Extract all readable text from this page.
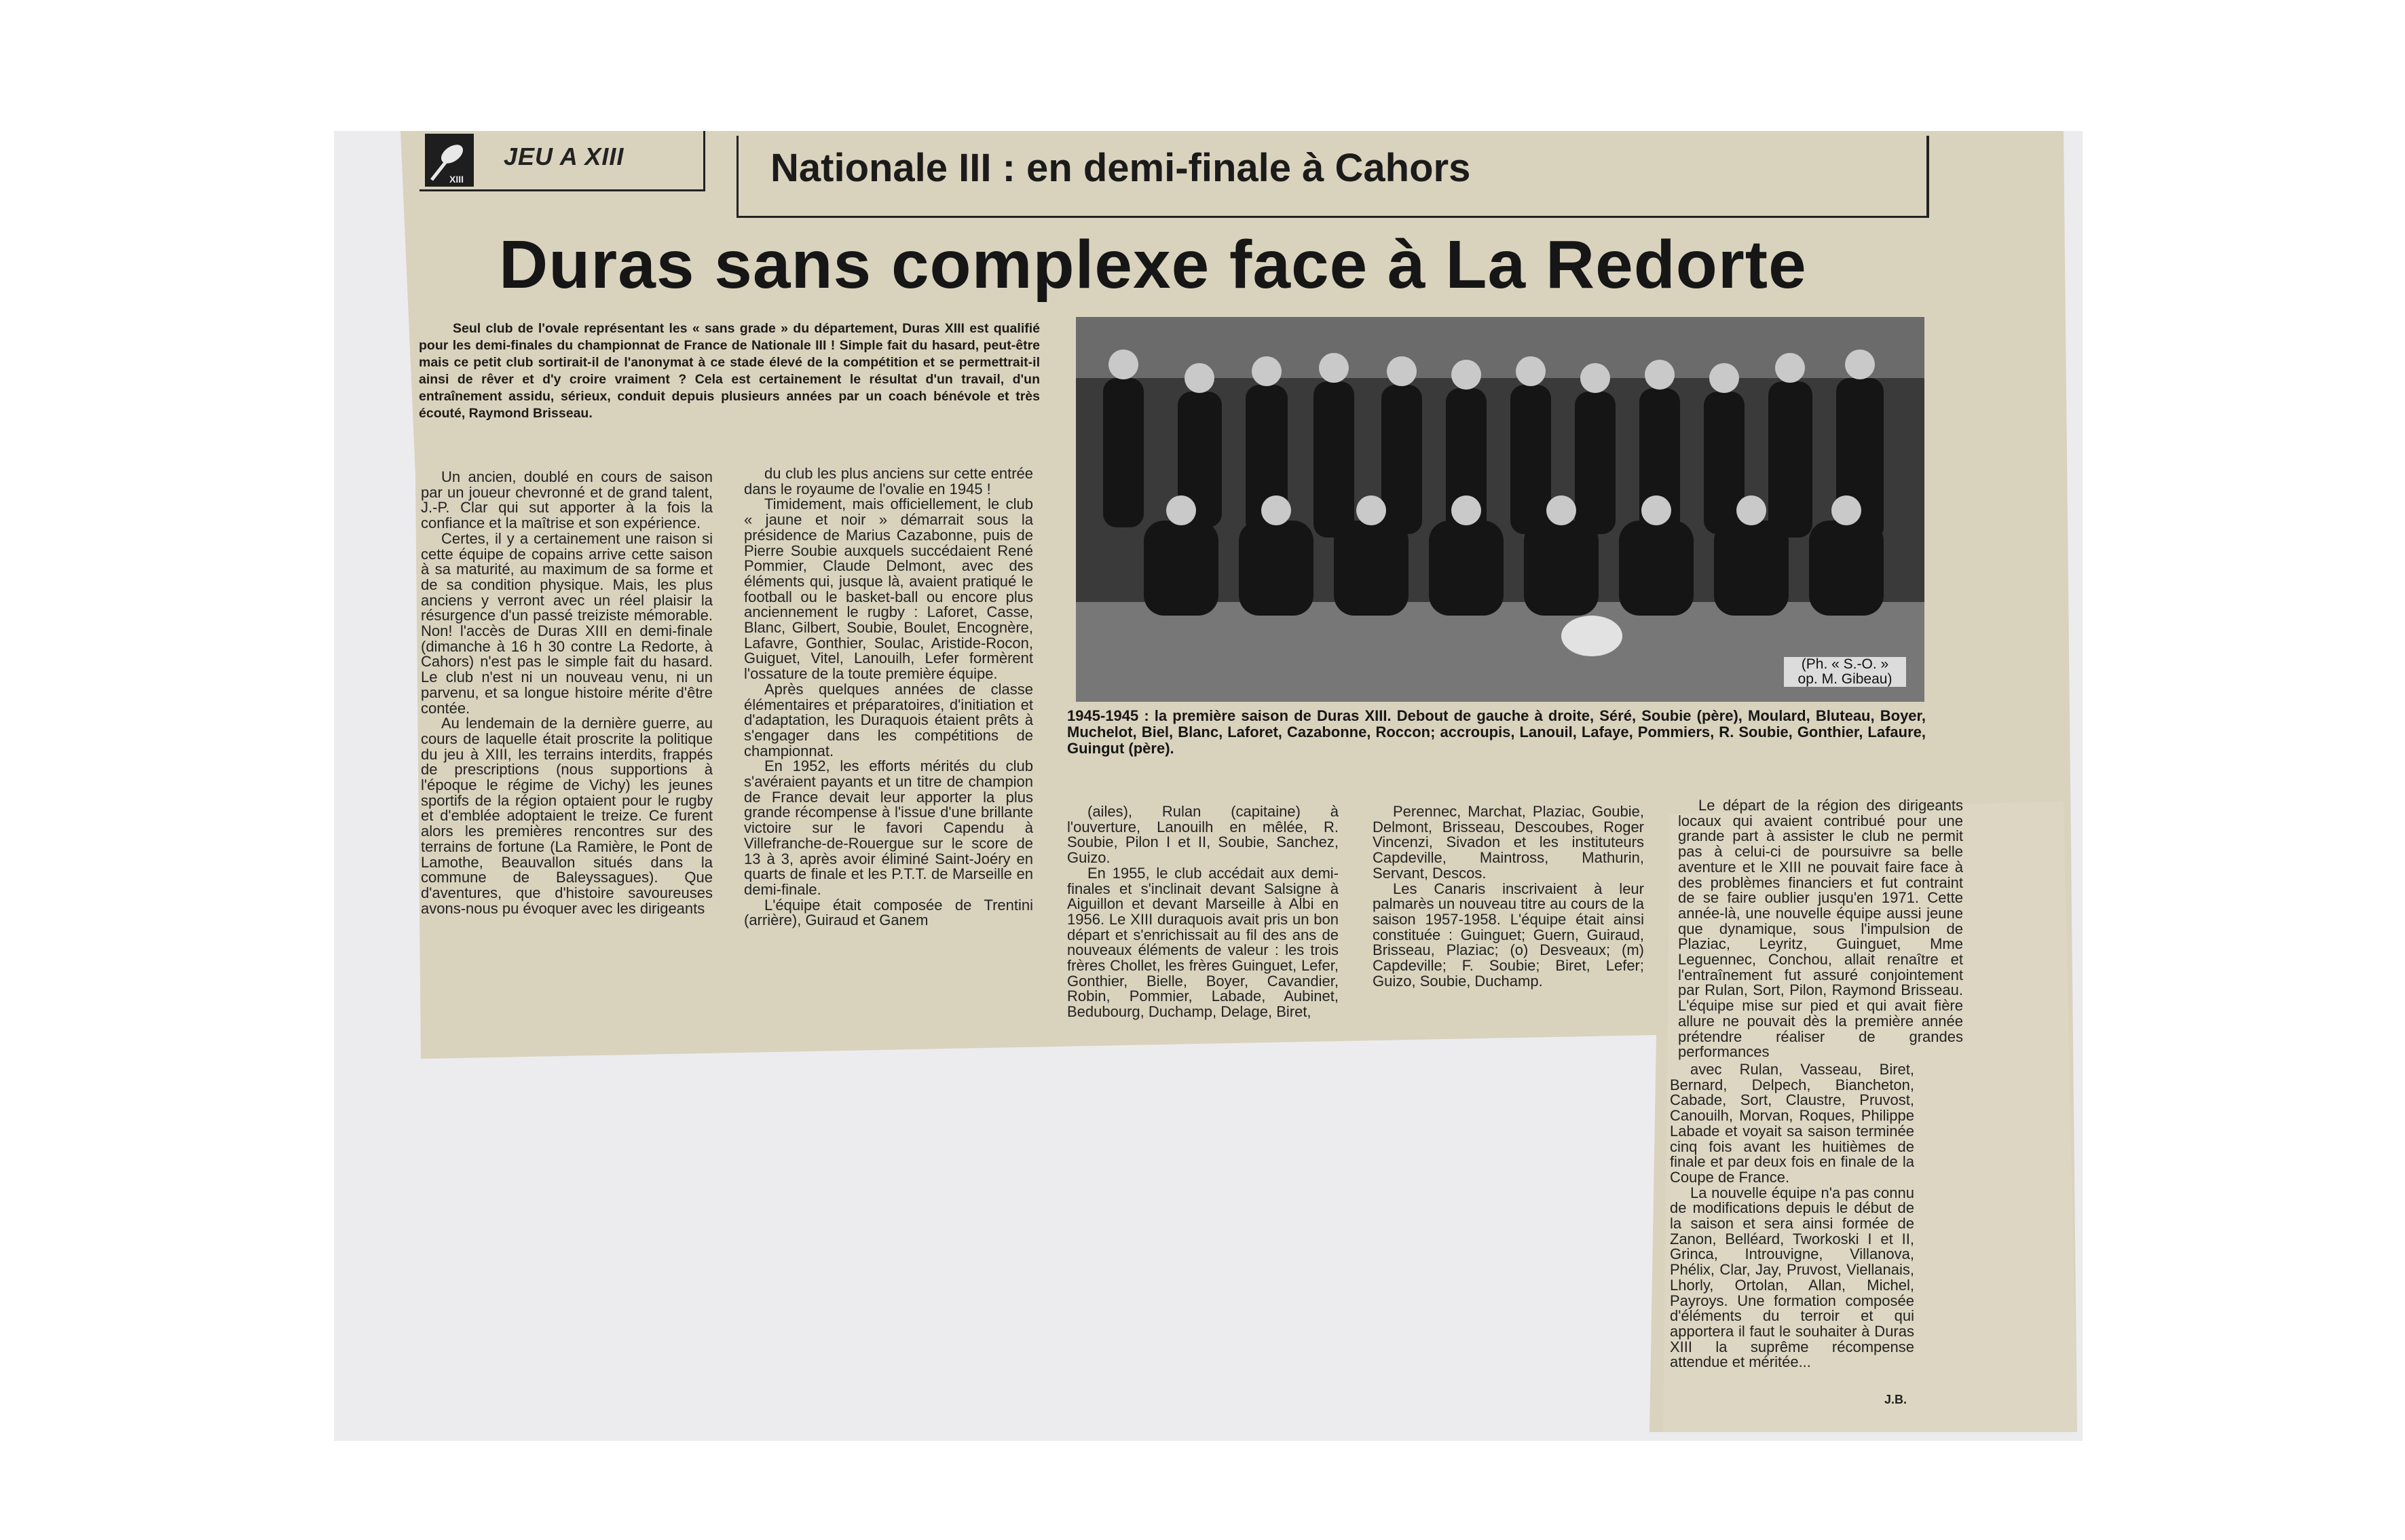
XIII
JEU A XIII	Nationale III : en demi-finale à Cahors
Duras sans complexe face à La Redorte
Seul club de l'ovale représentant les « sans grade » du département, Duras XIII est qualifié pour les demi-finales du championnat de France de Nationale III ! Simple fait du hasard, peut-être mais ce petit club sortirait-il de l'anonymat à ce stade élevé de la compétition et se permettrait-il ainsi de rêver et d'y croire vraiment ? Cela est certainement le résultat d'un travail, d'un entraînement assidu, sérieux, conduit depuis plusieurs années par un coach bénévole et très écouté, Raymond Brisseau.

Un ancien, doublé en cours de saison par un joueur chevronné et de grand talent, J.-P. Clar qui sut apporter à la fois la confiance et la maîtrise et son expérience.

Certes, il y a certainement une raison si cette équipe de copains arrive cette saison à sa maturité, au maximum de sa forme et de sa condition physique. Mais, les plus anciens y verront avec un réel plaisir la résurgence d'un passé treiziste mémorable. Non! l'accès de Duras XIII en demi-finale (dimanche à 16 h 30 contre La Redorte, à Cahors) n'est pas le simple fait du hasard. Le club n'est ni un nouveau venu, ni un parvenu, et sa longue histoire mérite d'être contée.

Au lendemain de la dernière guerre, au cours de laquelle était proscrite la politique du jeu à XIII, les terrains interdits, frappés de prescriptions (nous supportions à l'époque le régime de Vichy) les jeunes sportifs de la région optaient pour le rugby et d'emblée adoptaient le treize. Ce furent alors les premières rencontres sur des terrains de fortune (La Ramière, le Pont de Lamothe, Beauvallon situés dans la commune de Baleyssagues). Que d'aventures, que d'histoire savoureuses avons-nous pu évoquer avec les dirigeants

du club les plus anciens sur cette entrée dans le royaume de l'ovalie en 1945 !

Timidement, mais officiellement, le club « jaune et noir » démarrait sous la présidence de Marius Cazabonne, puis de Pierre Soubie auxquels succédaient René Pommier, Claude Delmont, avec des éléments qui, jusque là, avaient pratiqué le football ou le basket-ball ou encore plus anciennement le rugby : Laforet, Casse, Blanc, Gilbert, Soubie, Boulet, Encognère, Lafavre, Gonthier, Soulac, Aristide-Rocon, Guiguet, Vitel, Lanouilh, Lefer formèrent l'ossature de la toute première équipe.

Après quelques années de classe élémentaires et préparatoires, d'initiation et d'adaptation, les Duraquois étaient prêts à s'engager dans les compétitions de championnat.

En 1952, les efforts mérités du club s'avéraient payants et un titre de champion de France devait leur apporter la plus grande récompense à l'issue d'une brillante victoire sur le favori Capendu à Villefranche-de-Rouergue sur le score de 13 à 3, après avoir éliminé Saint-Joéry en quarts de finale et les P.T.T. de Marseille en demi-finale.

L'équipe était composée de Trentini (arrière), Guiraud et Ganem

(Ph. « S.-O. »
op. M. Gibeau)
1945-1945 : la première saison de Duras XIII. Debout de gauche à droite, Séré, Soubie (père), Moulard, Bluteau, Boyer, Muchelot, Biel, Blanc, Laforet, Cazabonne, Roccon; accroupis, Lanouil, Lafaye, Pommiers, R. Soubie, Gonthier, Lafaure, Guingut (père).

(ailes), Rulan (capitaine) à l'ouverture, Lanouilh en mêlée, R. Soubie, Pilon I et II, Soubie, Sanchez, Guizo.

En 1955, le club accédait aux demi-finales et s'inclinait devant Salsigne à Aiguillon et devant Marseille à Albi en 1956. Le XIII duraquois avait pris un bon départ et s'enrichissait au fil des ans de nouveaux éléments de valeur : les trois frères Chollet, les frères Guinguet, Lefer, Gonthier, Bielle, Boyer, Cavandier, Robin, Pommier, Labade, Aubinet, Bedubourg, Duchamp, Delage, Biret,

Perennec, Marchat, Plaziac, Goubie, Delmont, Brisseau, Descoubes, Roger Vincenzi, Sivadon et les instituteurs Capdeville, Maintross, Mathurin, Servant, Descos.

Les Canaris inscrivaient à leur palmarès un nouveau titre au cours de la saison 1957-1958. L'équipe était ainsi constituée : Guinguet; Guern, Guiraud, Brisseau, Plaziac; (o) Desveaux; (m) Capdeville; F. Soubie; Biret, Lefer; Guizo, Soubie, Duchamp.

Le départ de la région des dirigeants locaux qui avaient contribué pour une grande part à assister le club ne permit pas à celui-ci de poursuivre sa belle aventure et le XIII ne pouvait faire face à des problèmes financiers et fut contraint de se faire oublier jusqu'en 1971. Cette année-là, une nouvelle équipe aussi jeune que dynamique, sous l'impulsion de Plaziac, Leyritz, Guinguet, Mme Leguennec, Conchou, allait renaître et l'entraînement fut assuré conjointement par Rulan, Sort, Pilon, Raymond Brisseau. L'équipe mise sur pied et qui avait fière allure ne pouvait dès la première année prétendre réaliser de grandes performances

avec Rulan, Vasseau, Biret, Bernard, Delpech, Biancheton, Cabade, Sort, Claustre, Pruvost, Canouilh, Morvan, Roques, Philippe Labade et voyait sa saison terminée cinq fois avant les huitièmes de finale et par deux fois en finale de la Coupe de France.

La nouvelle équipe n'a pas connu de modifications depuis le début de la saison et sera ainsi formée de Zanon, Belléard, Tworkoski I et II, Grinca, Introuvigne, Villanova, Phélix, Clar, Jay, Pruvost, Viellanais, Lhorly, Ortolan, Allan, Michel, Payroys. Une formation composée d'éléments du terroir et qui apportera il faut le souhaiter à Duras XIII la suprême récompense attendue et méritée...

J.B.
